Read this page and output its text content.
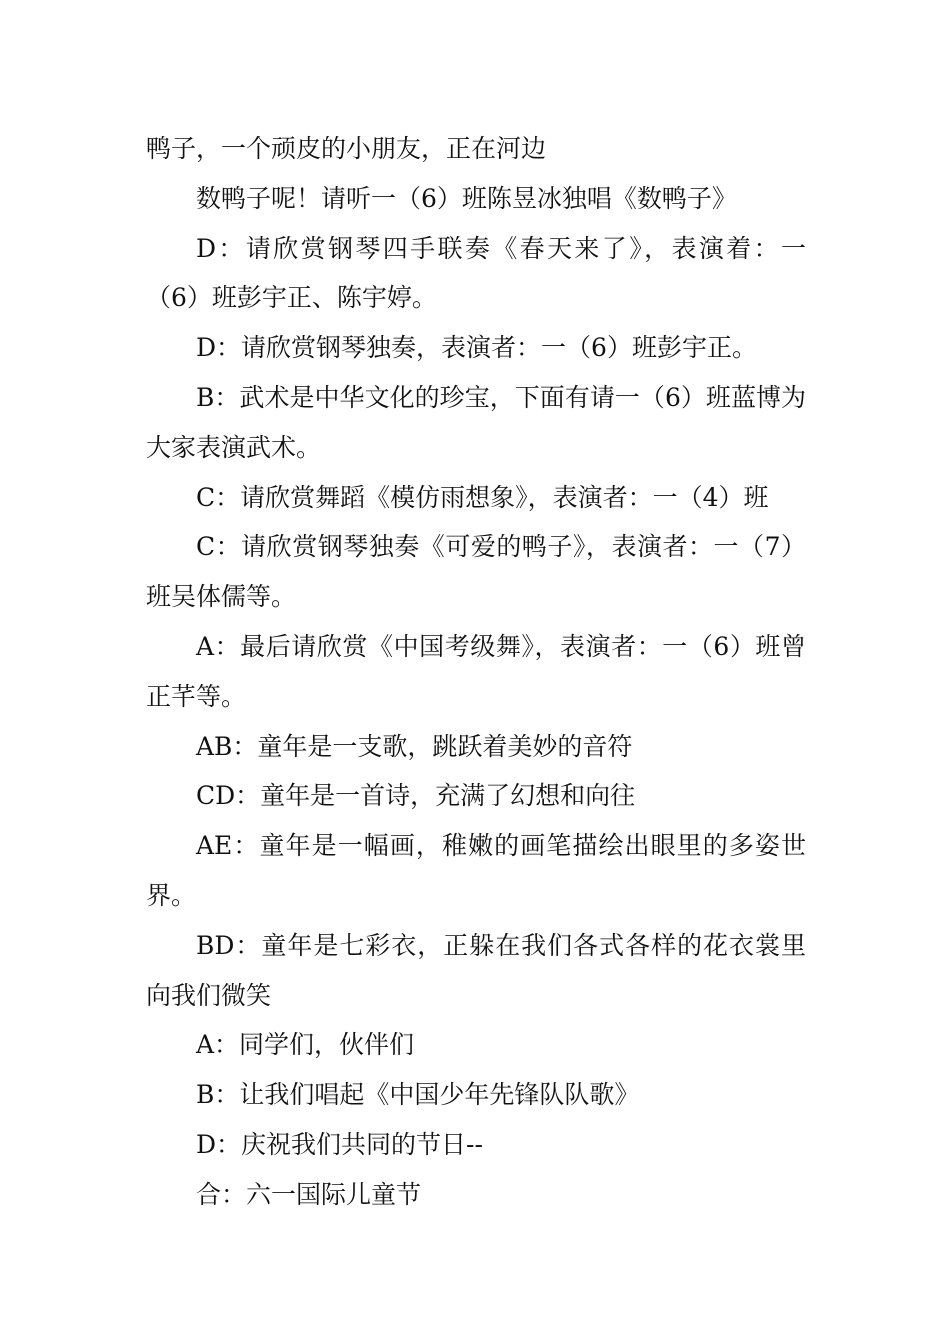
鸭子，一个顽皮的小朋友，正在河边

数鸭子呢！请听一（6）班陈昱冰独唱《数鸭子》

D：请欣赏钢琴四手联奏《春天来了》，表演着：一（6）班彭宇正、陈宇婷。

D：请欣赏钢琴独奏，表演者：一（6）班彭宇正。

B：武术是中华文化的珍宝，下面有请一（6）班蓝博为大家表演武术。

C：请欣赏舞蹈《模仿雨想象》，表演者：一（4）班

C：请欣赏钢琴独奏《可爱的鸭子》，表演者：一（7）班吴体儒等。

A：最后请欣赏《中国考级舞》，表演者：一（6）班曾正芊等。

AB：童年是一支歌，跳跃着美妙的音符

CD：童年是一首诗，充满了幻想和向往

AE：童年是一幅画，稚嫩的画笔描绘出眼里的多姿世界。

BD：童年是七彩衣，正躲在我们各式各样的花衣裳里向我们微笑

A：同学们，伙伴们

B：让我们唱起《中国少年先锋队队歌》

D：庆祝我们共同的节日--

合：六一国际儿童节
